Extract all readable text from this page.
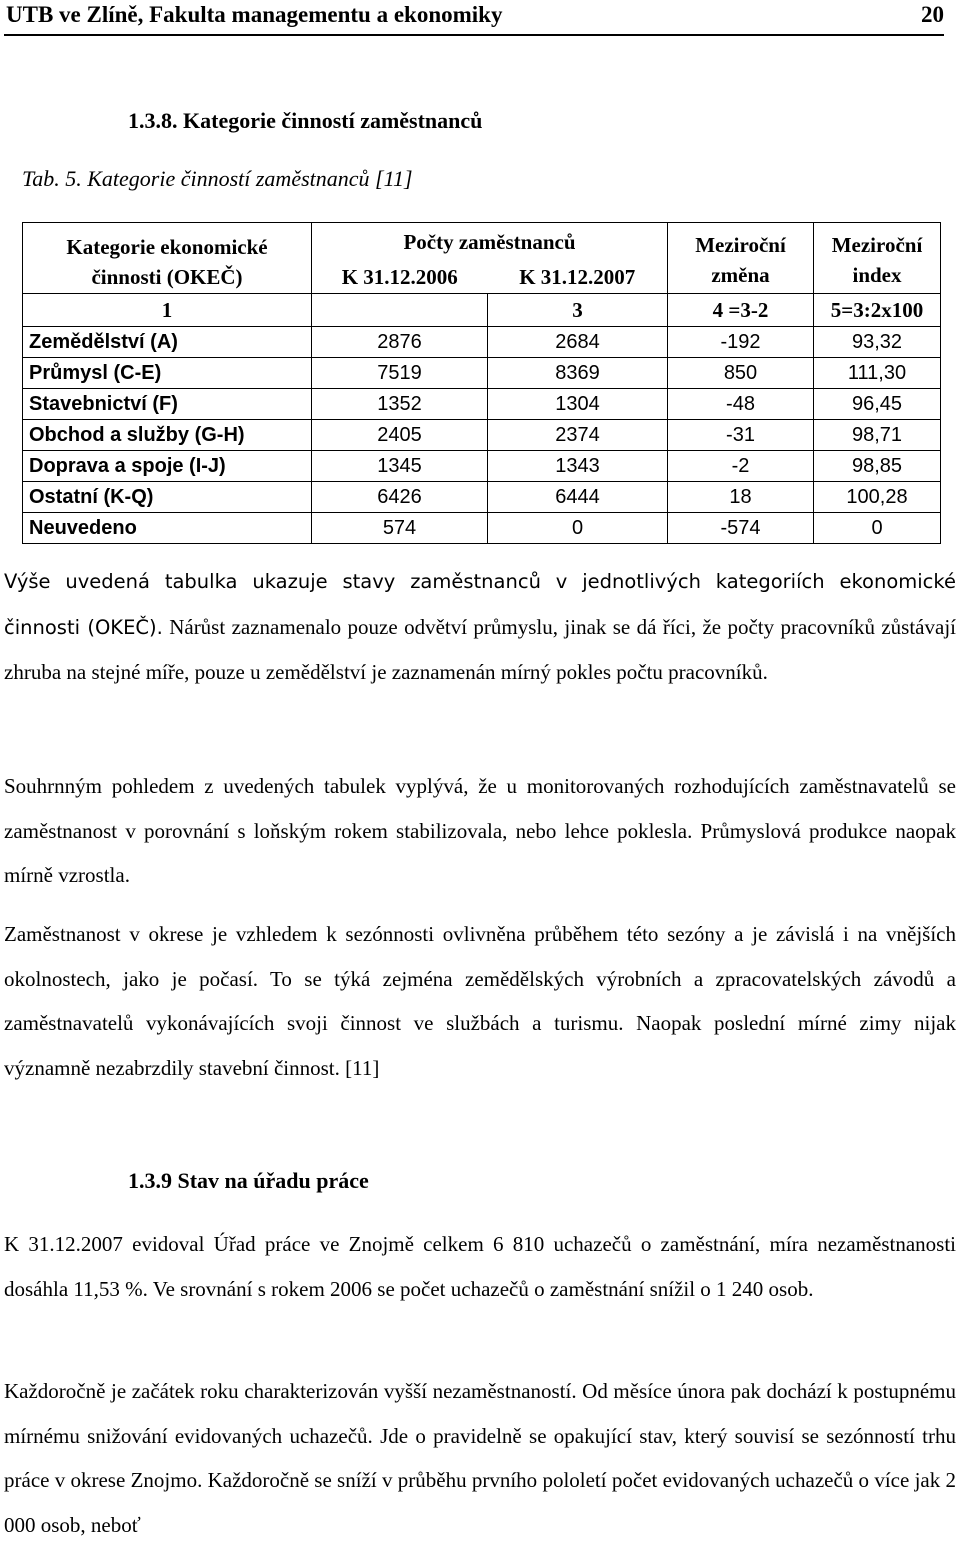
UTB ve Zlíně, Fakulta managementu a ekonomiky	20
1.3.8. Kategorie činností zaměstnanců
Tab. 5. Kategorie činností zaměstnanců [11]
Kategorie ekonomické činnosti (OKEČ)	Počty zaměstnanců		Meziroční změna	Meziroční index
	K 31.12.2006	K 31.12.2007		
1		3	4 =3-2	5=3:2x100
Zemědělství (A)	2876	2684	-192	93,32
Průmysl (C-E)	7519	8369	850	111,30
Stavebnictví (F)	1352	1304	-48	96,45
Obchod a služby (G-H)	2405	2374	-31	98,71
Doprava a spoje (I-J)	1345	1343	-2	98,85
Ostatní (K-Q)	6426	6444	18	100,28
Neuvedeno	574	0	-574	0
Výše uvedená tabulka ukazuje stavy zaměstnanců v jednotlivých kategoriích ekonomické činnosti (OKEČ). Nárůst zaznamenalo pouze odvětví průmyslu, jinak se dá říci, že počty pracovníků zůstávají zhruba na stejné míře, pouze u zemědělství je zaznamenán mírný pokles počtu pracovníků.
Souhrnným pohledem z uvedených tabulek vyplývá, že u monitorovaných rozhodujících zaměstnavatelů se zaměstnanost v porovnání s loňským rokem stabilizovala, nebo lehce poklesla. Průmyslová produkce naopak mírně vzrostla.
Zaměstnanost v okrese je vzhledem k sezónnosti ovlivněna průběhem této sezóny a je závislá i na vnějších okolnostech, jako je počasí. To se týká zejména zemědělských výrobních a zpracovatelských závodů a zaměstnavatelů vykonávajících svoji činnost ve službách a turismu. Naopak poslední mírné zimy nijak významně nezabrzdily stavební činnost. [11]
1.3.9 Stav na úřadu práce
K 31.12.2007 evidoval Úřad práce ve Znojmě celkem 6 810 uchazečů o zaměstnání, míra nezaměstnanosti dosáhla 11,53 %. Ve srovnání s rokem 2006 se počet uchazečů o zaměstnání snížil o 1 240 osob.
Každoročně je začátek roku charakterizován vyšší nezaměstnaností. Od měsíce února pak dochází k postupnému mírnému snižování evidovaných uchazečů. Jde o pravidelně se opakující stav, který souvisí se sezónností trhu práce v okrese Znojmo. Každoročně se sníží v průběhu prvního pololetí počet evidovaných uchazečů o více jak 2 000 osob, neboť
